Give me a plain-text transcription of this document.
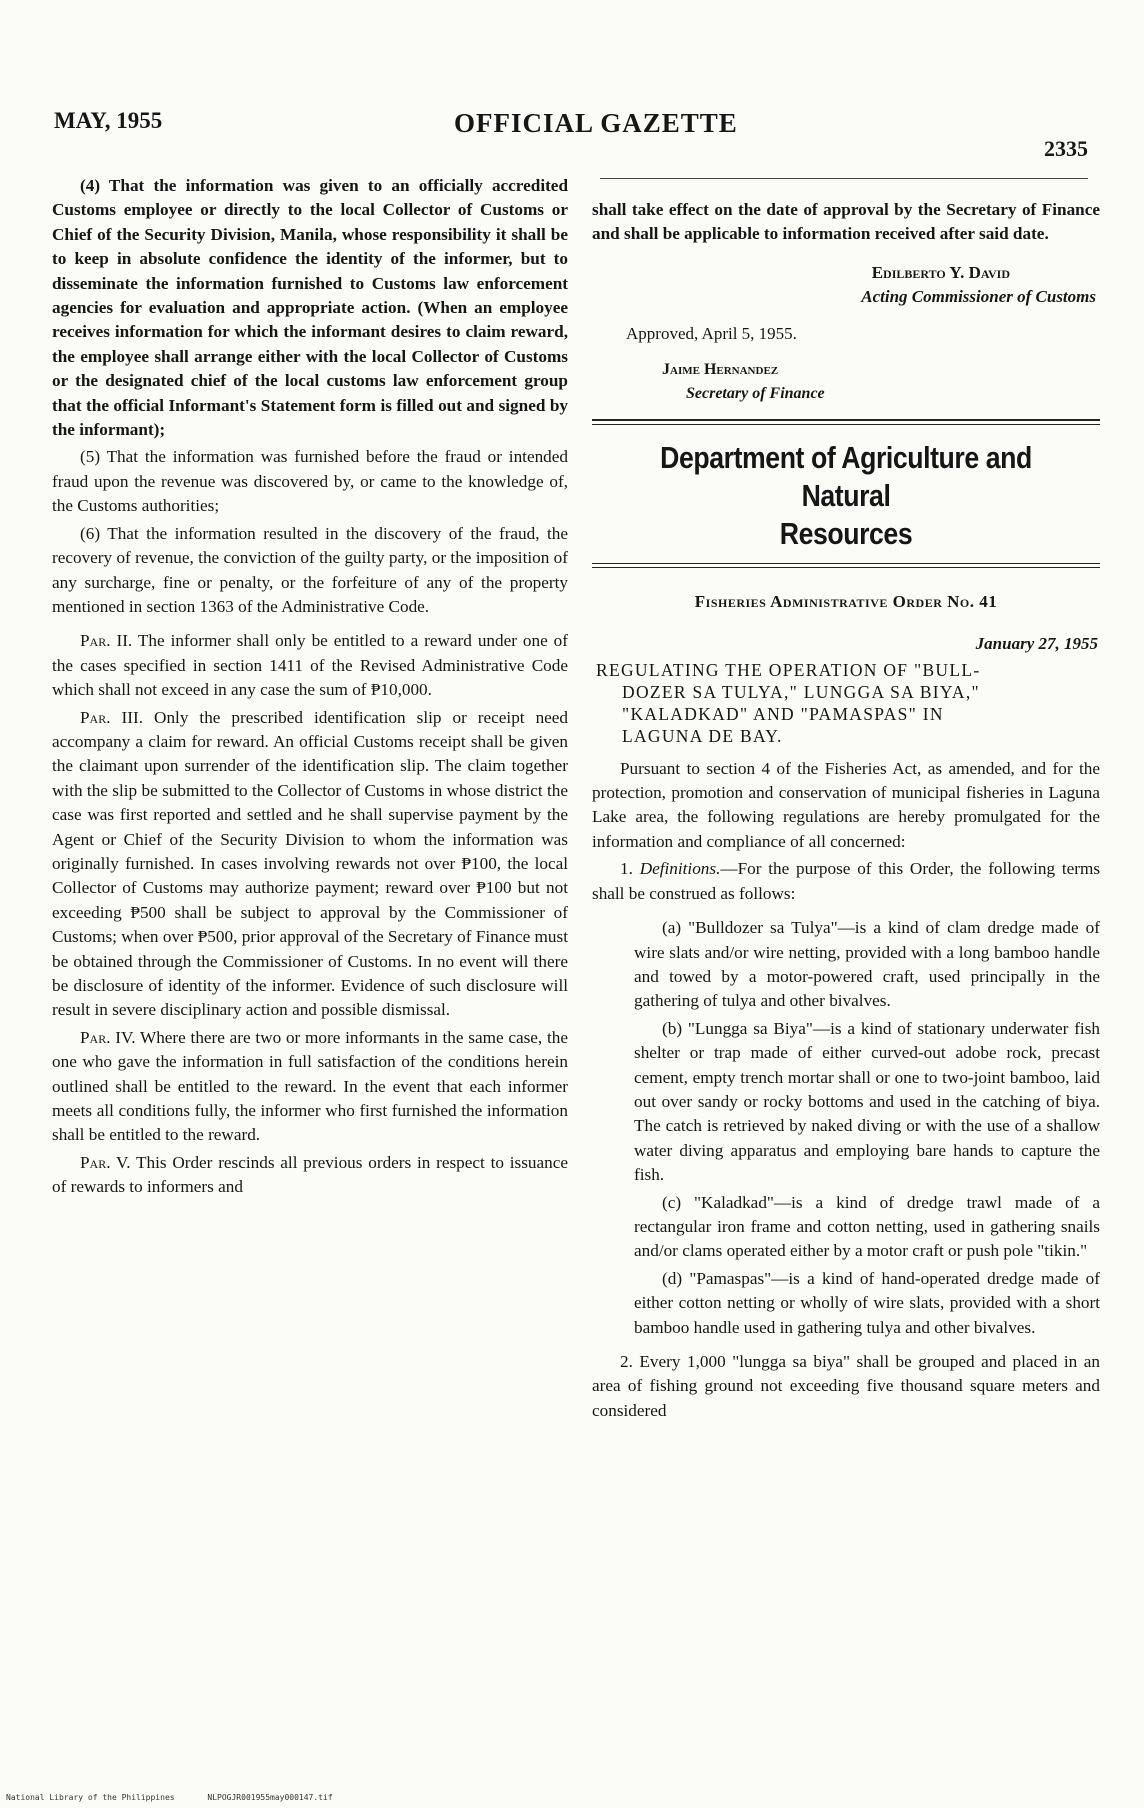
MAY, 1955	OFFICIAL GAZETTE
2335

(4) That the information was given to an officially accredited Customs employee or directly to the local Collector of Customs or Chief of the Security Division, Manila, whose responsibility it shall be to keep in absolute confidence the identity of the informer, but to disseminate the information furnished to Customs law enforcement agencies for evaluation and appropriate action. (When an employee receives information for which the informant desires to claim reward, the employee shall arrange either with the local Collector of Customs or the designated chief of the local customs law enforcement group that the official Informant's Statement form is filled out and signed by the informant);

(5) That the information was furnished before the fraud or intended fraud upon the revenue was discovered by, or came to the knowledge of, the Customs authorities;

(6) That the information resulted in the discovery of the fraud, the recovery of revenue, the conviction of the guilty party, or the imposition of any surcharge, fine or penalty, or the forfeiture of any of the property mentioned in section 1363 of the Administrative Code.

Par. II. The informer shall only be entitled to a reward under one of the cases specified in section 1411 of the Revised Administrative Code which shall not exceed in any case the sum of ₱10,000.

Par. III. Only the prescribed identification slip or receipt need accompany a claim for reward. An official Customs receipt shall be given the claimant upon surrender of the identification slip. The claim together with the slip be submitted to the Collector of Customs in whose district the case was first reported and settled and he shall supervise payment by the Agent or Chief of the Security Division to whom the information was originally furnished. In cases involving rewards not over ₱100, the local Collector of Customs may authorize payment; reward over ₱100 but not exceeding ₱500 shall be subject to approval by the Commissioner of Customs; when over ₱500, prior approval of the Secretary of Finance must be obtained through the Commissioner of Customs. In no event will there be disclosure of identity of the informer. Evidence of such disclosure will result in severe disciplinary action and possible dismissal.

Par. IV. Where there are two or more informants in the same case, the one who gave the information in full satisfaction of the conditions herein outlined shall be entitled to the reward. In the event that each informer meets all conditions fully, the informer who first furnished the information shall be entitled to the reward.

Par. V. This Order rescinds all previous orders in respect to issuance of rewards to informers and

shall take effect on the date of approval by the Secretary of Finance and shall be applicable to information received after said date.

Edilberto Y. David

Acting Commissioner of Customs

Approved, April 5, 1955.

Jaime Hernandez

Secretary of Finance

Department of Agriculture and Natural
Resources

Fisheries Administrative Order No. 41

January 27, 1955

REGULATING THE OPERATION OF "BULL-
DOZER SA TULYA," LUNGGA SA BIYA,"
"KALADKAD" AND "PAMASPAS" IN
LAGUNA DE BAY.

Pursuant to section 4 of the Fisheries Act, as amended, and for the protection, promotion and conservation of municipal fisheries in Laguna Lake area, the following regulations are hereby promulgated for the information and compliance of all concerned:

1. Definitions.—For the purpose of this Order, the following terms shall be construed as follows:

(a) "Bulldozer sa Tulya"—is a kind of clam dredge made of wire slats and/or wire netting, provided with a long bamboo handle and towed by a motor-powered craft, used principally in the gathering of tulya and other bivalves.

(b) "Lungga sa Biya"—is a kind of stationary underwater fish shelter or trap made of either curved-out adobe rock, precast cement, empty trench mortar shall or one to two-joint bamboo, laid out over sandy or rocky bottoms and used in the catching of biya. The catch is retrieved by naked diving or with the use of a shallow water diving apparatus and employing bare hands to capture the fish.

(c) "Kaladkad"—is a kind of dredge trawl made of a rectangular iron frame and cotton netting, used in gathering snails and/or clams operated either by a motor craft or push pole "tikin."

(d) "Pamaspas"—is a kind of hand-operated dredge made of either cotton netting or wholly of wire slats, provided with a short bamboo handle used in gathering tulya and other bivalves.

2. Every 1,000 "lungga sa biya" shall be grouped and placed in an area of fishing ground not exceeding five thousand square meters and considered

National Library of the Philippines	NLPOGJR001955may000147.tif
